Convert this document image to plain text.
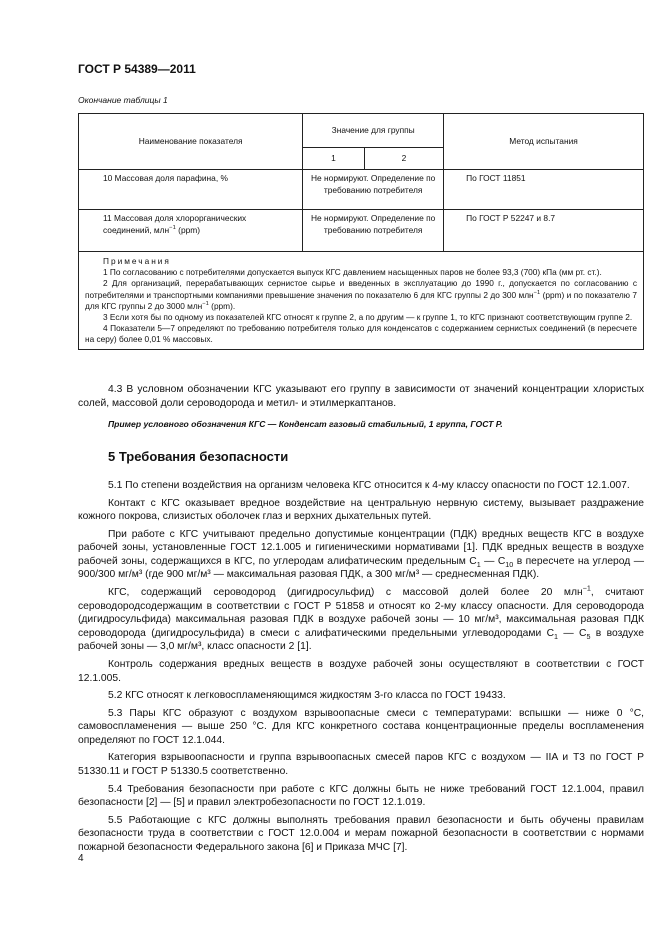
ГОСТ Р 54389—2011
Окончание таблицы 1
Наименование показателя	Значение для группы		Метод испытания
	1	2	
10 Массовая доля парафина, %	Не нормируют. Определение по требованию потребителя		По ГОСТ 11851
11 Массовая доля хлорорганических соединений, млн$^{-1}$ (ppm)	Не нормируют. Определение по требованию потребителя		По ГОСТ Р 52247 и 8.7

Примечания

1 По согласованию с потребителями допускается выпуск КГС давлением насыщенных паров не более 93,3 (700) кПа (мм рт. ст.).

2 Для организаций, перерабатывающих сернистое сырье и введенных в эксплуатацию до 1990 г., допускается по согласованию с потребителями и транспортными компаниями превышение значения по показателю 6 для КГС группы 2 до 300 млн$^{-1}$ (ppm) и по показателю 7 для КГС группы 2 до 3000 млн$^{-1}$ (ppm).

3 Если хотя бы по одному из показателей КГС относят к группе 2, а по другим — к группе 1, то КГС признают соответствующим группе 2.

4 Показатели 5—7 определяют по требованию потребителя только для конденсатов с содержанием сернистых соединений (в пересчете на серу) более 0,01 % массовых.			

4.3 В условном обозначении КГС указывают его группу в зависимости от значений концентрации хлористых солей, массовой доли сероводорода и метил- и этилмеркаптанов.

Пример условного обозначения КГС — Конденсат газовый стабильный, 1 группа, ГОСТ Р.
5 Требования безопасности

5.1 По степени воздействия на организм человека КГС относится к 4-му классу опасности по ГОСТ 12.1.007.

Контакт с КГС оказывает вредное воздействие на центральную нервную систему, вызывает раздражение кожного покрова, слизистых оболочек глаз и верхних дыхательных путей.

При работе с КГС учитывают предельно допустимые концентрации (ПДК) вредных веществ КГС в воздухе рабочей зоны, установленные ГОСТ 12.1.005 и гигиеническими нормативами [1]. ПДК вредных веществ в воздухе рабочей зоны, содержащихся в КГС, по углеродам алифатическим предельным $С_1$ — $С_{10}$ в пересчете на углерод — 900/300 мг/м³ (где 900 мг/м³ — максимальная разовая ПДК, а 300 мг/м³ — среднесменная ПДК).

КГС, содержащий сероводород (дигидросульфид) с массовой долей более 20 млн$^{-1}$, считают сероводородсодержащим в соответствии с ГОСТ Р 51858 и относят ко 2-му классу опасности. Для сероводорода (дигидросульфида) максимальная разовая ПДК в воздухе рабочей зоны — 10 мг/м³, максимальная разовая ПДК сероводорода (дигидросульфида) в смеси с алифатическими предельными углеводородами $С_1$ — $С_5$ в воздухе рабочей зоны — 3,0 мг/м³, класс опасности 2 [1].

Контроль содержания вредных веществ в воздухе рабочей зоны осуществляют в соответствии с ГОСТ 12.1.005.

5.2 КГС относят к легковоспламеняющимся жидкостям 3-го класса по ГОСТ 19433.

5.3 Пары КГС образуют с воздухом взрывоопасные смеси с температурами: вспышки — ниже 0 °С, самовоспламенения — выше 250 °С. Для КГС конкретного состава концентрационные пределы воспламенения определяют по ГОСТ 12.1.044.

Категория взрывоопасности и группа взрывоопасных смесей паров КГС с воздухом — IIA и Т3 по ГОСТ Р 51330.11 и ГОСТ Р 51330.5 соответственно.

5.4 Требования безопасности при работе с КГС должны быть не ниже требований ГОСТ 12.1.004, правил безопасности [2] — [5] и правил электробезопасности по ГОСТ 12.1.019.

5.5 Работающие с КГС должны выполнять требования правил безопасности и быть обучены правилам безопасности труда в соответствии с ГОСТ 12.0.004 и мерам пожарной безопасности в соответствии с нормами пожарной безопасности Федерального закона [6] и Приказа МЧС [7].

4
